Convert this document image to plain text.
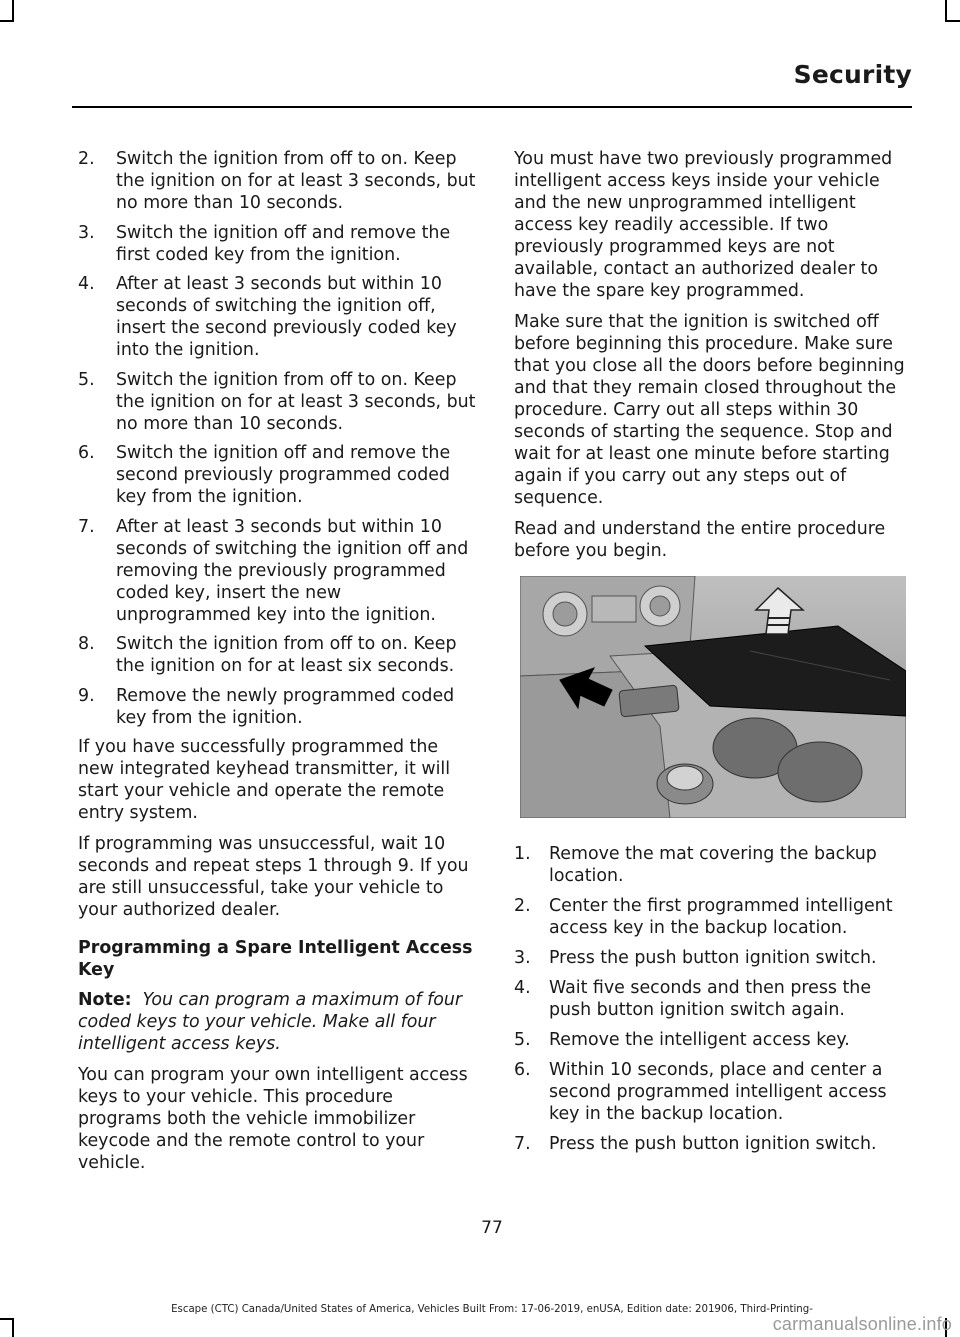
Security
2. Switch the ignition from off to on. Keep the ignition on for at least 3 seconds, but no more than 10 seconds.
3. Switch the ignition off and remove the first coded key from the ignition.
4. After at least 3 seconds but within 10 seconds of switching the ignition off, insert the second previously coded key into the ignition.
5. Switch the ignition from off to on. Keep the ignition on for at least 3 seconds, but no more than 10 seconds.
6. Switch the ignition off and remove the second previously programmed coded key from the ignition.
7. After at least 3 seconds but within 10 seconds of switching the ignition off and removing the previously programmed coded key, insert the new unprogrammed key into the ignition.
8. Switch the ignition from off to on. Keep the ignition on for at least six seconds.
9. Remove the newly programmed coded key from the ignition.

If you have successfully programmed the new integrated keyhead transmitter, it will start your vehicle and operate the remote entry system.

If programming was unsuccessful, wait 10 seconds and repeat steps 1 through 9. If you are still unsuccessful, take your vehicle to your authorized dealer.

Programming a Spare Intelligent Access Key

Note: You can program a maximum of four coded keys to your vehicle. Make all four intelligent access keys.

You can program your own intelligent access keys to your vehicle. This procedure programs both the vehicle immobilizer keycode and the remote control to your vehicle.

You must have two previously programmed intelligent access keys inside your vehicle and the new unprogrammed intelligent access key readily accessible. If two previously programmed keys are not available, contact an authorized dealer to have the spare key programmed.

Make sure that the ignition is switched off before beginning this procedure. Make sure that you close all the doors before beginning and that they remain closed throughout the procedure. Carry out all steps within 30 seconds of starting the sequence. Stop and wait for at least one minute before starting again if you carry out any steps out of sequence.

Read and understand the entire procedure before you begin.

1. Remove the mat covering the backup location.
2. Center the first programmed intelligent access key in the backup location.
3. Press the push button ignition switch.
4. Wait five seconds and then press the push button ignition switch again.
5. Remove the intelligent access key.
6. Within 10 seconds, place and center a second programmed intelligent access key in the backup location.
7. Press the push button ignition switch.
77
Escape (CTC) Canada/United States of America, Vehicles Built From: 17-06-2019, enUSA, Edition date: 201906, Third-Printing-
carmanualsonline.info
